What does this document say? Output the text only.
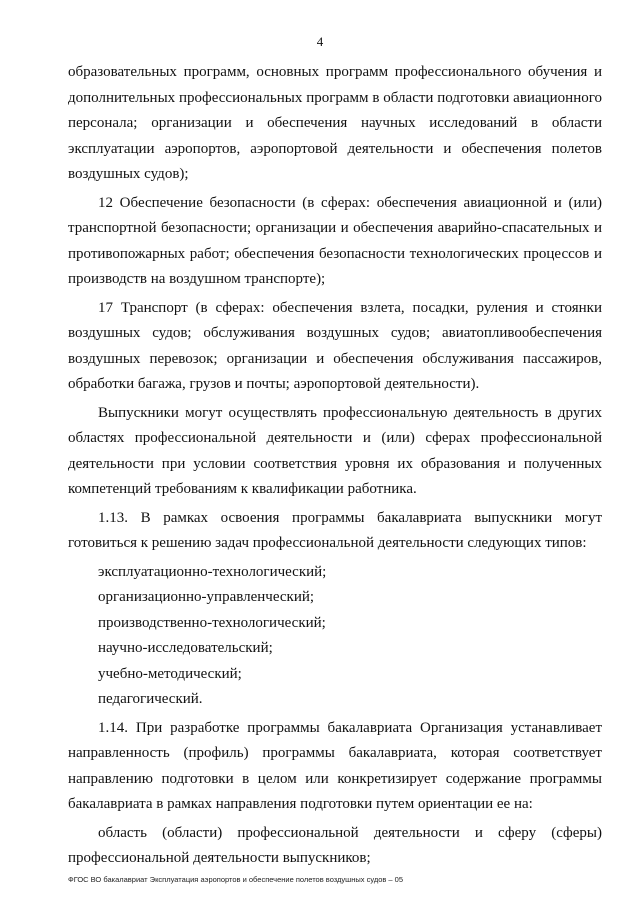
4

образовательных программ, основных программ профессионального обучения и дополнительных профессиональных программ в области подготовки авиационного персонала; организации и обеспечения научных исследований в области эксплуатации аэропортов, аэропортовой деятельности и обеспечения полетов воздушных судов);

12 Обеспечение безопасности (в сферах: обеспечения авиационной и (или) транспортной безопасности; организации и обеспечения аварийно-спасательных и противопожарных работ; обеспечения безопасности технологических процессов и производств на воздушном транспорте);

17 Транспорт (в сферах: обеспечения взлета, посадки, руления и стоянки воздушных судов; обслуживания воздушных судов; авиатопливообеспечения воздушных перевозок; организации и обеспечения обслуживания пассажиров, обработки багажа, грузов и почты; аэропортовой деятельности).

Выпускники могут осуществлять профессиональную деятельность в других областях профессиональной деятельности и (или) сферах профессиональной деятельности при условии соответствия уровня их образования и полученных компетенций требованиям к квалификации работника.

1.13. В рамках освоения программы бакалавриата выпускники могут готовиться к решению задач профессиональной деятельности следующих типов:

эксплуатационно-технологический;

организационно-управленческий;

производственно-технологический;

научно-исследовательский;

учебно-методический;

педагогический.

1.14. При разработке программы бакалавриата Организация устанавливает направленность (профиль) программы бакалавриата, которая соответствует направлению подготовки в целом или конкретизирует содержание программы бакалавриата в рамках направления подготовки путем ориентации ее на:

область (области) профессиональной деятельности и сферу (сферы) профессиональной деятельности выпускников;

ФГОС ВО бакалавриат Эксплуатация аэропортов и обеспечение полетов воздушных судов – 05
